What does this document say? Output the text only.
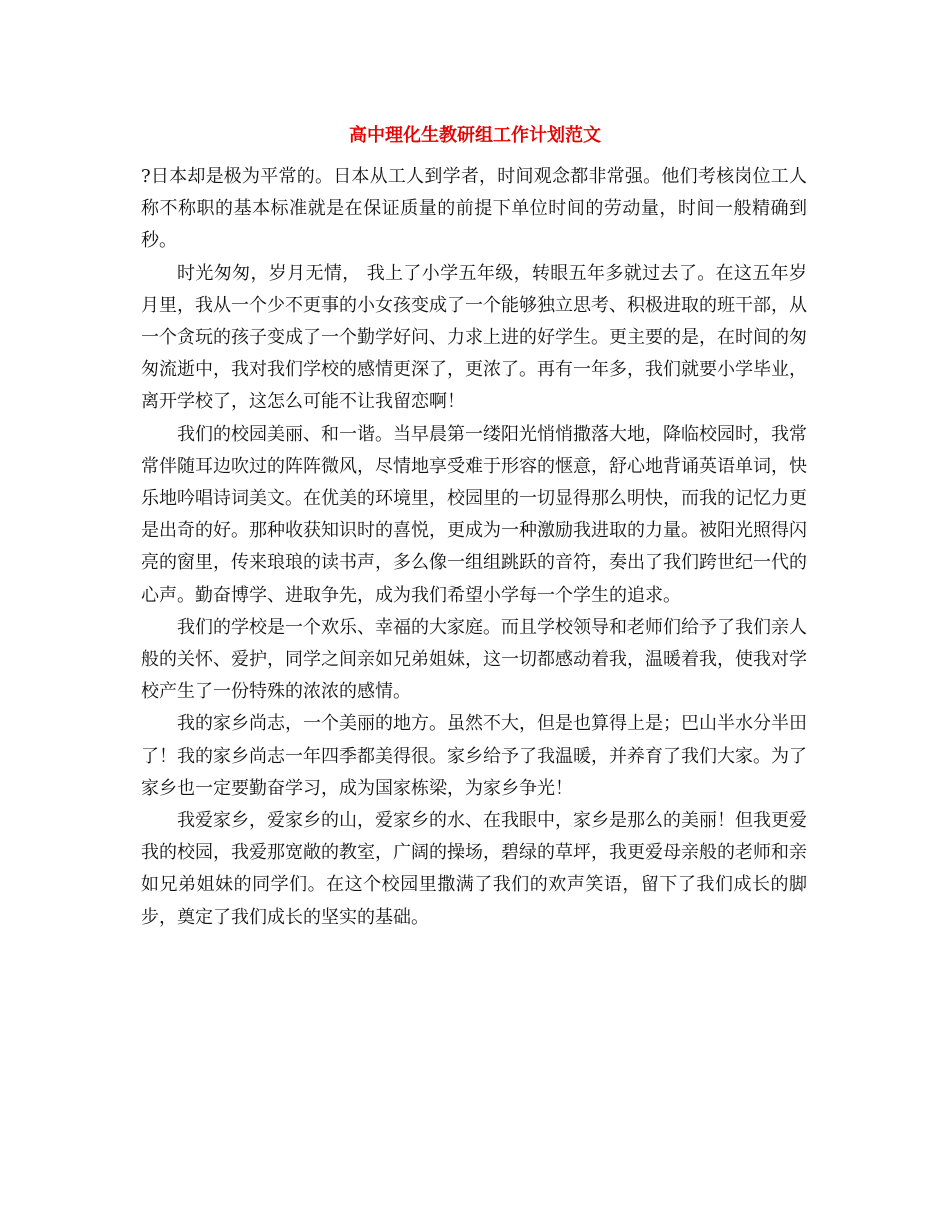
高中理化生教研组工作计划范文

?日本却是极为平常的。日本从工人到学者，时间观念都非常强。他们考核岗位工人称不称职的基本标准就是在保证质量的前提下单位时间的劳动量，时间一般精确到秒。

时光匆匆，岁月无情， 我上了小学五年级，转眼五年多就过去了。在这五年岁月里，我从一个少不更事的小女孩变成了一个能够独立思考、积极进取的班干部，从一个贪玩的孩子变成了一个勤学好问、力求上进的好学生。更主要的是，在时间的匆匆流逝中，我对我们学校的感情更深了，更浓了。再有一年多，我们就要小学毕业，离开学校了，这怎么可能不让我留恋啊！

我们的校园美丽、和一谐。当早晨第一缕阳光悄悄撒落大地，降临校园时，我常常伴随耳边吹过的阵阵微风，尽情地享受难于形容的惬意，舒心地背诵英语单词，快乐地吟唱诗词美文。在优美的环境里，校园里的一切显得那么明快，而我的记忆力更是出奇的好。那种收获知识时的喜悦，更成为一种激励我进取的力量。被阳光照得闪亮的窗里，传来琅琅的读书声，多么像一组组跳跃的音符，奏出了我们跨世纪一代的心声。勤奋博学、进取争先，成为我们希望小学每一个学生的追求。

我们的学校是一个欢乐、幸福的大家庭。而且学校领导和老师们给予了我们亲人般的关怀、爱护，同学之间亲如兄弟姐妹，这一切都感动着我，温暖着我，使我对学校产生了一份特殊的浓浓的感情。

我的家乡尚志，一个美丽的地方。虽然不大，但是也算得上是；巴山半水分半田了！我的家乡尚志一年四季都美得很。家乡给予了我温暖，并养育了我们大家。为了家乡也一定要勤奋学习，成为国家栋梁，为家乡争光！

我爱家乡，爱家乡的山，爱家乡的水、在我眼中，家乡是那么的美丽！但我更爱我的校园，我爱那宽敞的教室，广阔的操场，碧绿的草坪，我更爱母亲般的老师和亲如兄弟姐妹的同学们。在这个校园里撒满了我们的欢声笑语，留下了我们成长的脚步，奠定了我们成长的坚实的基础。
